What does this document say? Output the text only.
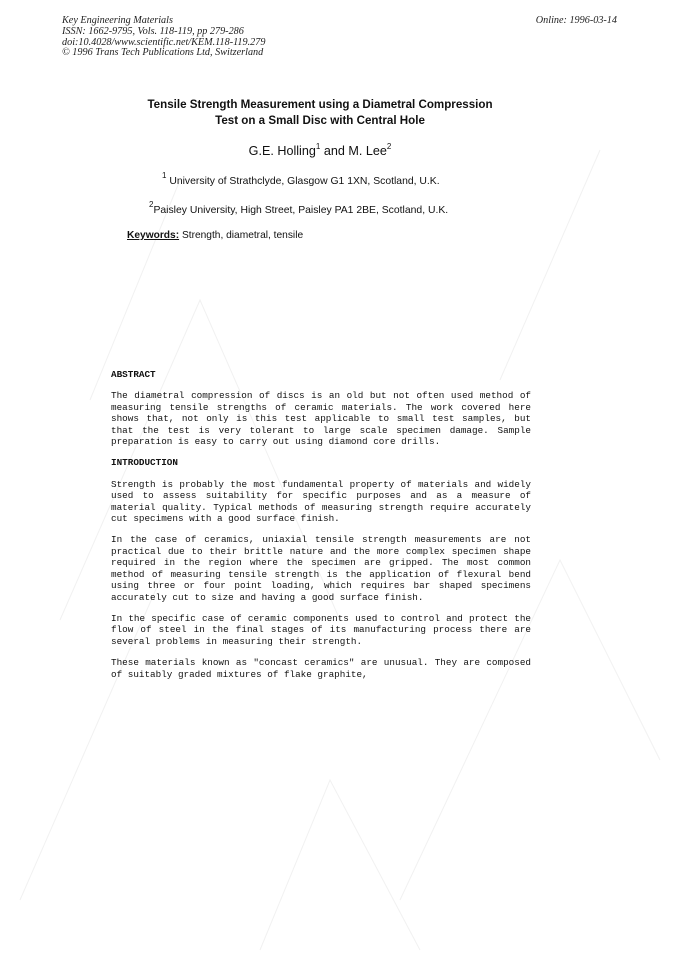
Key Engineering Materials
ISSN: 1662-9795, Vols. 118-119, pp 279-286
doi:10.4028/www.scientific.net/KEM.118-119.279
© 1996 Trans Tech Publications Ltd, Switzerland
Online: 1996-03-14
Tensile Strength Measurement using a Diametral Compression
Test on a Small Disc with Central Hole
G.E. Holling$^1$ and M. Lee$^2$
$^1$ University of Strathclyde, Glasgow G1 1XN, Scotland, U.K.
$^2$Paisley University, High Street, Paisley PA1 2BE, Scotland, U.K.
Keywords: Strength, diametral, tensile
ABSTRACT
The diametral compression of discs is an old but not often used method of measuring tensile strengths of ceramic materials. The work covered here shows that, not only is this test applicable to small test samples, but that the test is very tolerant to large scale specimen damage. Sample preparation is easy to carry out using diamond core drills.
INTRODUCTION
Strength is probably the most fundamental property of materials and widely used to assess suitability for specific purposes and as a measure of material quality. Typical methods of measuring strength require accurately cut specimens with a good surface finish.
In the case of ceramics, uniaxial tensile strength measurements are not practical due to their brittle nature and the more complex specimen shape required in the region where the specimen are gripped. The most common method of measuring tensile strength is the application of flexural bend using three or four point loading, which requires bar shaped specimens accurately cut to size and having a good surface finish.
In the specific case of ceramic components used to control and protect the flow of steel in the final stages of its manufacturing process there are several problems in measuring their strength.
These materials known as "concast ceramics" are unusual. They are composed of suitably graded mixtures of flake graphite,
